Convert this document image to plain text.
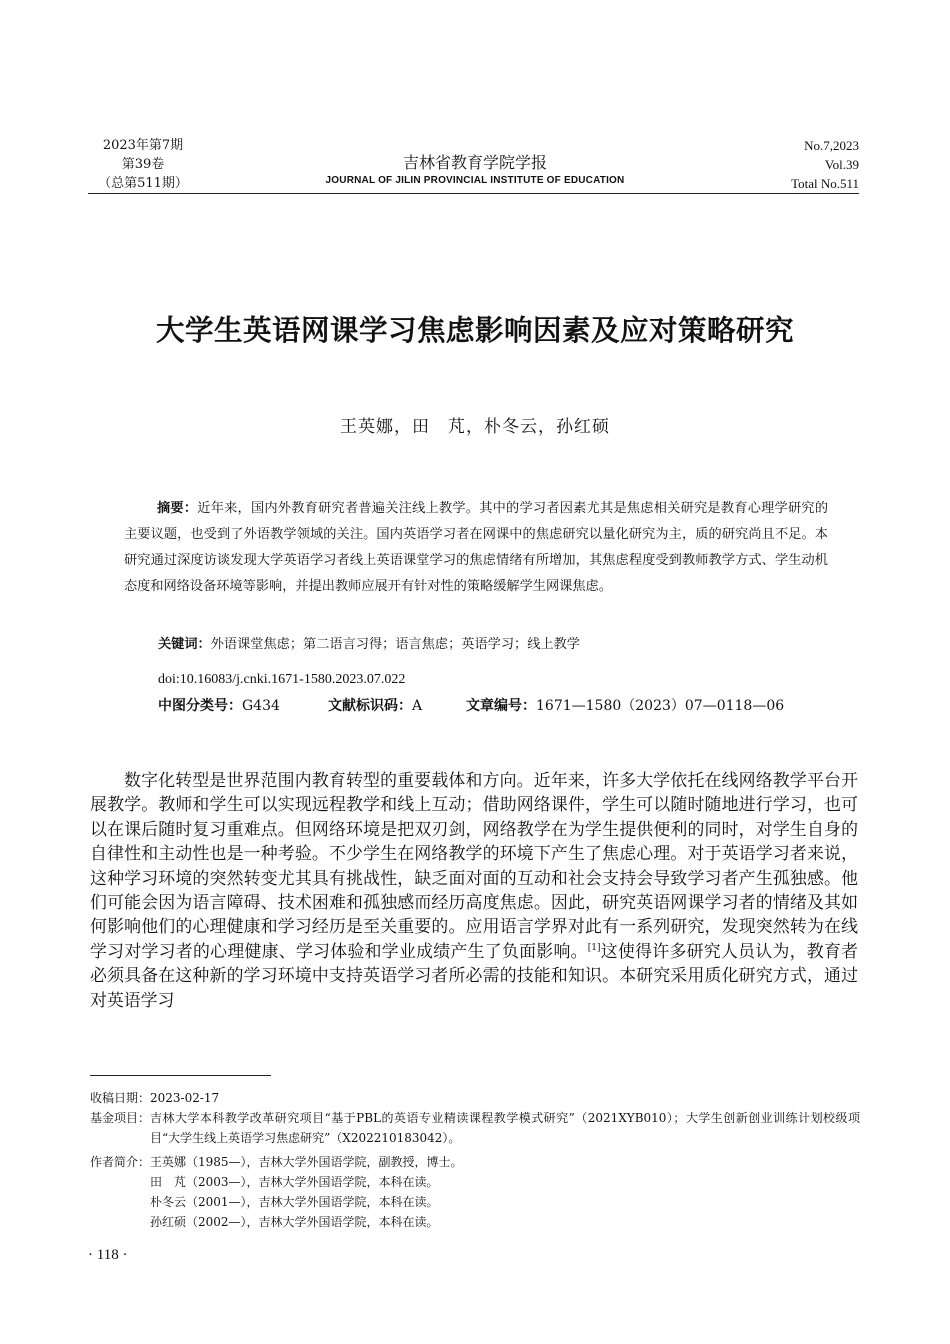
2023年第7期
第39卷
（总第511期）
吉林省教育学院学报
JOURNAL OF JILIN PROVINCIAL INSTITUTE OF EDUCATION
No.7,2023
Vol.39
Total No.511
大学生英语网课学习焦虑影响因素及应对策略研究
王英娜，田　芃，朴冬云，孙红硕
摘要：近年来，国内外教育研究者普遍关注线上教学。其中的学习者因素尤其是焦虑相关研究是教育心理学研究的主要议题，也受到了外语教学领域的关注。国内英语学习者在网课中的焦虑研究以量化研究为主，质的研究尚且不足。本研究通过深度访谈发现大学英语学习者线上英语课堂学习的焦虑情绪有所增加，其焦虑程度受到教师教学方式、学生动机态度和网络设备环境等影响，并提出教师应展开有针对性的策略缓解学生网课焦虑。
关键词：外语课堂焦虑；第二语言习得；语言焦虑；英语学习；线上教学
doi:10.16083/j.cnki.1671-1580.2023.07.022
中图分类号：G434	文献标识码：A	文章编号：1671—1580（2023）07—0118—06
数字化转型是世界范围内教育转型的重要载体和方向。近年来，许多大学依托在线网络教学平台开展教学。教师和学生可以实现远程教学和线上互动；借助网络课件，学生可以随时随地进行学习，也可以在课后随时复习重难点。但网络环境是把双刃剑，网络教学在为学生提供便利的同时，对学生自身的自律性和主动性也是一种考验。不少学生在网络教学的环境下产生了焦虑心理。对于英语学习者来说，这种学习环境的突然转变尤其具有挑战性，缺乏面对面的互动和社会支持会导致学习者产生孤独感。他们可能会因为语言障碍、技术困难和孤独感而经历高度焦虑。因此，研究英语网课学习者的情绪及其如何影响他们的心理健康和学习经历是至关重要的。应用语言学界对此有一系列研究，发现突然转为在线学习对学习者的心理健康、学习体验和学业成绩产生了负面影响。[1]这使得许多研究人员认为，教育者必须具备在这种新的学习环境中支持英语学习者所必需的技能和知识。本研究采用质化研究方式，通过对英语学习
收稿日期： 2023-02-17
基金项目： 吉林大学本科教学改革研究项目“基于PBL的英语专业精读课程教学模式研究”（2021XYB010）；大学生创新创业训练计划校级项目“大学生线上英语学习焦虑研究”（X202210183042）。
作者简介： 王英娜（1985—），吉林大学外国语学院，副教授，博士。
田　芃（2003—），吉林大学外国语学院，本科在读。
朴冬云（2001—），吉林大学外国语学院，本科在读。
孙红硕（2002—），吉林大学外国语学院，本科在读。
· 118 ·
